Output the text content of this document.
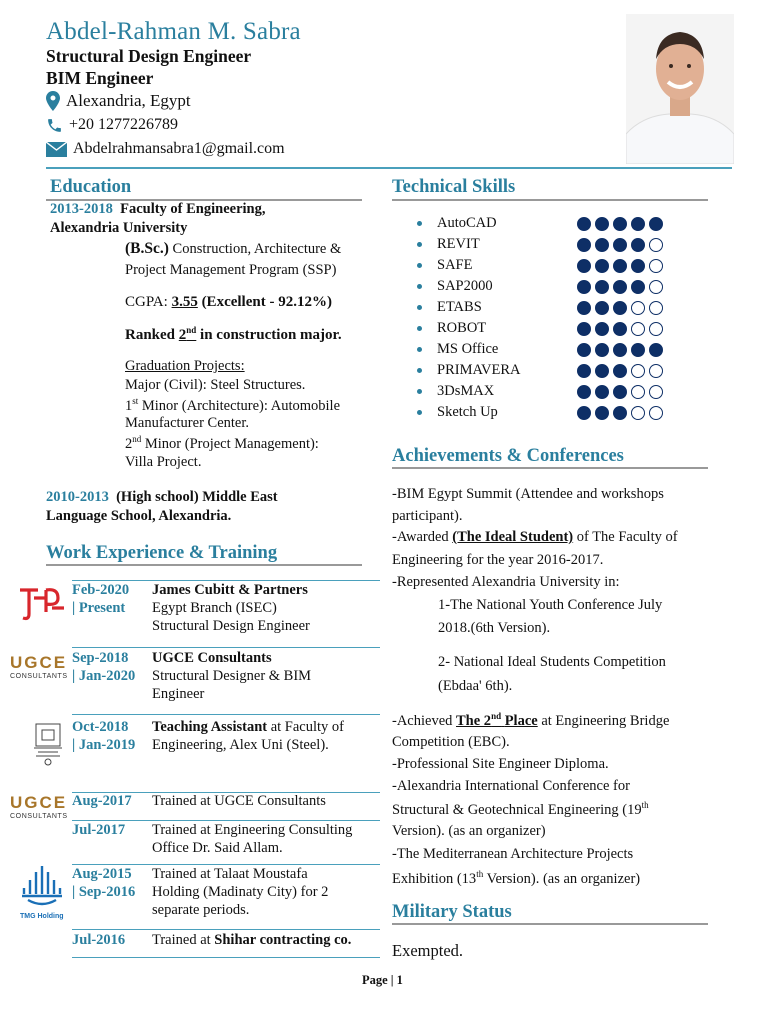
Abdel-Rahman M. Sabra
Structural Design Engineer
BIM Engineer
Alexandria, Egypt
+20 1277226789
Abdelrahmansabra1@gmail.com
Education
2013-2018 Faculty of Engineering,
Alexandria University
(B.Sc.) Construction, Architecture &
Project Management Program (SSP)
CGPA: 3.55 (Excellent - 92.12%)
Ranked 2nd in construction major.
Graduation Projects:
Major (Civil): Steel Structures.
1st Minor (Architecture): Automobile
Manufacturer Center.
2nd Minor (Project Management):
Villa Project.
2010-2013 (High school) Middle East
Language School, Alexandria.
Work Experience & Training
UGCE
CONSULTANTS
UGCE
CONSULTANTS
TMG Holding
Feb-2020	James Cubitt & Partners
| Present	Egypt Branch (ISEC)
Structural Design Engineer
Sep-2018	UGCE Consultants
| Jan-2020	Structural Designer & BIM
Engineer
Oct-2018	Teaching Assistant at Faculty of
| Jan-2019	Engineering, Alex Uni (Steel).
Aug-2017	Trained at UGCE Consultants
Jul-2017	Trained at Engineering Consulting
Office Dr. Said Allam.
Aug-2015	Trained at Talaat Moustafa
| Sep-2016	Holding (Madinaty City) for 2
separate periods.
Jul-2016	Trained at Shihar contracting co.
Technical Skills
AutoCAD
REVIT
SAFE
SAP2000
ETABS
ROBOT
MS Office
PRIMAVERA
3DsMAX
Sketch Up
Achievements & Conferences
-BIM Egypt Summit (Attendee and workshops
participant).
-Awarded (The Ideal Student) of The Faculty of
Engineering for the year 2016-2017.
-Represented Alexandria University in:
1-The National Youth Conference July
2018.(6th Version).
2- National Ideal Students Competition
(Ebdaa' 6th).
-Achieved The 2nd Place at Engineering Bridge
Competition (EBC).
-Professional Site Engineer Diploma.
-Alexandria International Conference for
Structural & Geotechnical Engineering (19th
Version). (as an organizer)
-The Mediterranean Architecture Projects
Exhibition (13th Version). (as an organizer)
Military Status
Exempted.
Page | 1
